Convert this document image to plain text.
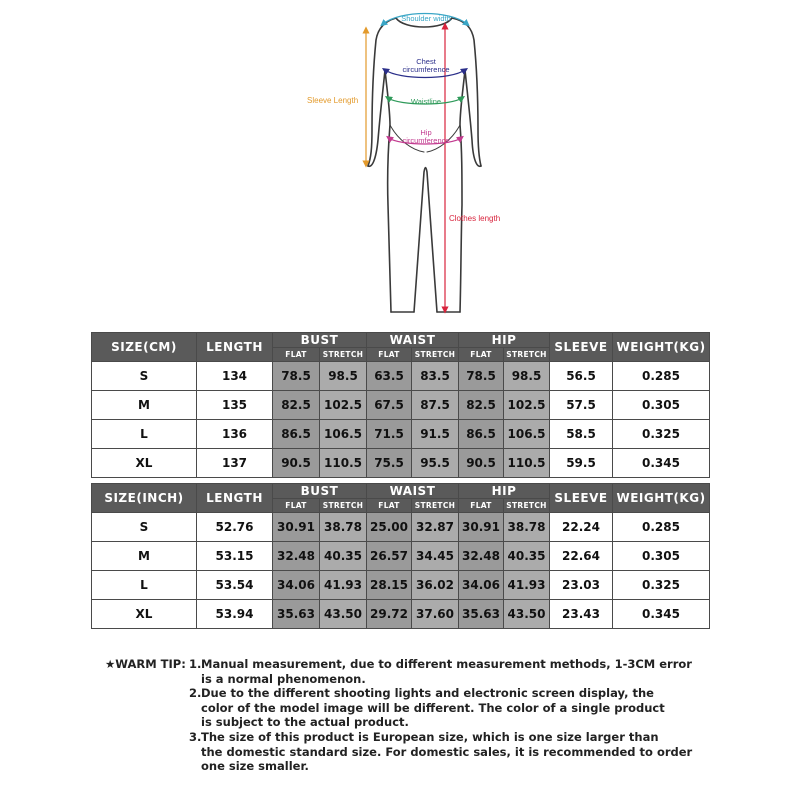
Shoulder width
Clothes length
Chest
circumference
Sleeve Length	Waistline
Hip
circumference
SIZE(CM)	LENGTH	BUST		WAIST		HIP		SLEEVE	WEIGHT(KG)
		FLAT	STRETCH	FLAT	STRETCH	FLAT	STRETCH		
S	134	78.5	98.5	63.5	83.5	78.5	98.5	56.5	0.285
M	135	82.5	102.5	67.5	87.5	82.5	102.5	57.5	0.305
L	136	86.5	106.5	71.5	91.5	86.5	106.5	58.5	0.325
XL	137	90.5	110.5	75.5	95.5	90.5	110.5	59.5	0.345
SIZE(INCH)	LENGTH	BUST		WAIST		HIP		SLEEVE	WEIGHT(KG)
		FLAT	STRETCH	FLAT	STRETCH	FLAT	STRETCH		
S	52.76	30.91	38.78	25.00	32.87	30.91	38.78	22.24	0.285
M	53.15	32.48	40.35	26.57	34.45	32.48	40.35	22.64	0.305
L	53.54	34.06	41.93	28.15	36.02	34.06	41.93	23.03	0.325
XL	53.94	35.63	43.50	29.72	37.60	35.63	43.50	23.43	0.345
★WARM TIP: 1. Manual measurement, due to different measurement methods, 1-3CM error
is a normal phenomenon.
2. Due to the different shooting lights and electronic screen display, the
color of the model image will be different. The color of a single product
is subject to the actual product.
3. The size of this product is European size, which is one size larger than
the domestic standard size. For domestic sales, it is recommended to order
one size smaller.
